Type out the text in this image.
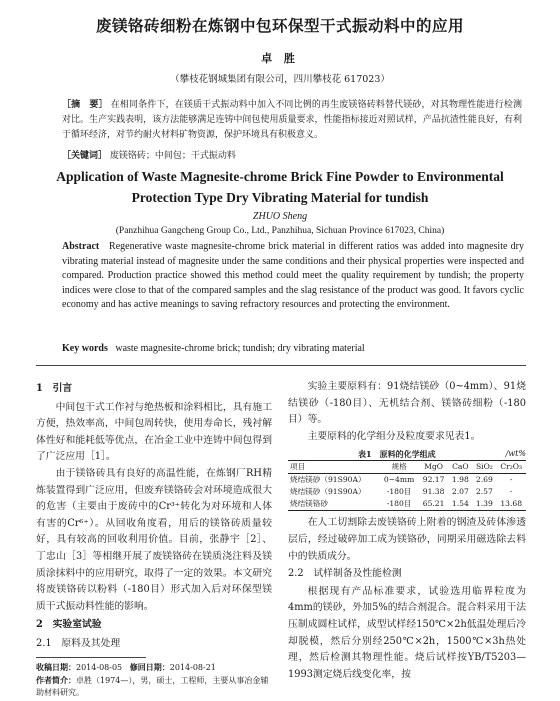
废镁铬砖细粉在炼钢中包环保型干式振动料中的应用
卓 胜
（攀枝花钢城集团有限公司，四川攀枝花 617023）
［摘　要］ 在相同条件下，在镁质干式振动料中加入不同比例的再生废镁铬砖料替代镁砂，对其物理性能进行检测对比。生产实践表明，该方法能够满足连铸中间包使用质量要求，性能指标接近对照试样，产品抗渣性能良好，有利于循环经济，对节约耐火材料矿物资源，保护环境具有积极意义。
［关键词］ 废镁铬砖；中间包；干式振动料
Application of Waste Magnesite-chrome Brick Fine Powder to Environmental
Protection Type Dry Vibrating Material for tundish
ZHUO Sheng
(Panzhihua Gangcheng Group Co., Ltd., Panzhihua, Sichuan Province 617023, China)
Abstract Regenerative waste magnesite-chrome brick material in different ratios was added into magnesite dry vibrating material instead of magnesite under the same conditions and their physical properties were inspected and compared. Production practice showed this method could meet the quality requirement by tundish; the property indices were close to that of the compared samples and the slag resistance of the product was good. It favors cyclic economy and has active meanings to saving refractory resources and protecting the environment.
Key words waste magnesite-chrome brick; tundish; dry vibrating material

1　引言

中间包干式工作衬与绝热板和涂料相比，具有施工方便，热效率高，中间包周转快，使用寿命长，残衬解体性好和能耗低等优点，在冶金工业中连铸中间包得到了广泛应用［1］。

由于镁铬砖具有良好的高温性能，在炼钢厂RH精炼装置得到广泛应用，但废弃镁铬砖会对环境造成很大的危害（主要由于废砖中的Cr³⁺转化为对环境和人体有害的Cr⁶⁺）。从回收角度看，用后的镁铬砖质量较好，具有较高的回收利用价值。目前，张静宇［2］、丁忠山［3］等相继开展了废镁铬砖在镁质浇注料及镁质涂抹料中的应用研究，取得了一定的效果。本文研究将废镁铬砖以粉料（-180目）形式加入后对环保型镁质干式振动料性能的影响。

2　实验室试验

2.1　原料及其处理

收稿日期：2014-08-05 修回日期：2014-08-21
作者简介：卓胜（1974—），男，硕士，工程师，主要从事冶金辅助材料研究。

实验主要原料有：91烧结镁砂（0~4mm）、91烧结镁砂（-180目）、无机结合剂、镁铬砖细粉（-180目）等。

主要原料的化学组分及粒度要求见表1。

表1　原料的化学组成	/wt%
项目	规格	MgO	CaO	SiO₂	Cr₂O₃
烧结镁砂（91S90A）	0~4mm	92.17	1.98	2.69	-
烧结镁砂（91S90A）	-180目	91.38	2.07	2.57	-
烧结镁铬砂	-180目	65.21	1.54	1.39	13.68

在人工切割除去废镁铬砖上附着的钢渣及砖体渗透层后，经过破碎加工成为镁铬砂，同期采用磁选除去料中的铁质成分。

2.2　试样制备及性能检测

根据现有产品标准要求，试验选用临界粒度为4mm的镁砂，外加5%的结合剂混合。混合料采用干法压制成圆柱试样，成型试样经150℃×2h低温处理后冷却脱模，然后分别经250℃×2h，1500℃×3h热处理，然后检测其物理性能。烧后试样按YB/T5203—1993测定烧后线变化率，按
